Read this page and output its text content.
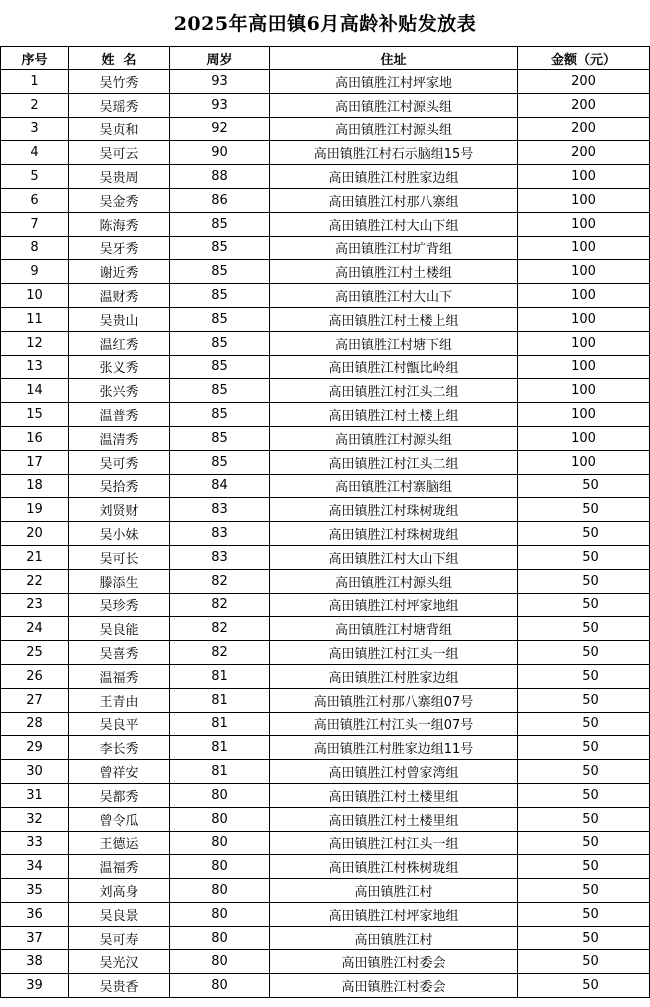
2025年高田镇6月高龄补贴发放表
序号	姓  名	周岁	住址	金额（元）
1	吴竹秀	93	高田镇胜江村坪家地	200
2	吴瑶秀	93	高田镇胜江村源头组	200
3	吴贞和	92	高田镇胜江村源头组	200
4	吴可云	90	高田镇胜江村石示脑组15号	200
5	吴贵周	88	高田镇胜江村胜家边组	100
6	吴金秀	86	高田镇胜江村那八寨组	100
7	陈海秀	85	高田镇胜江村大山下组	100
8	吴牙秀	85	高田镇胜江村圹背组	100
9	谢近秀	85	高田镇胜江村土楼组	100
10	温财秀	85	高田镇胜江村大山下	100
11	吴贵山	85	高田镇胜江村土楼上组	100
12	温红秀	85	高田镇胜江村塘下组	100
13	张义秀	85	高田镇胜江村甑比岭组	100
14	张兴秀	85	高田镇胜江村江头二组	100
15	温普秀	85	高田镇胜江村土楼上组	100
16	温清秀	85	高田镇胜江村源头组	100
17	吴可秀	85	高田镇胜江村江头二组	100
18	吴拾秀	84	高田镇胜江村寨脑组	50
19	刘贤财	83	高田镇胜江村珠树珑组	50
20	吴小妹	83	高田镇胜江村珠树珑组	50
21	吴可长	83	高田镇胜江村大山下组	50
22	滕添生	82	高田镇胜江村源头组	50
23	吴珍秀	82	高田镇胜江村坪家地组	50
24	吴良能	82	高田镇胜江村塘背组	50
25	吴喜秀	82	高田镇胜江村江头一组	50
26	温福秀	81	高田镇胜江村胜家边组	50
27	王青由	81	高田镇胜江村那八寨组07号	50
28	吴良平	81	高田镇胜江村江头一组07号	50
29	李长秀	81	高田镇胜江村胜家边组11号	50
30	曾祥安	81	高田镇胜江村曾家湾组	50
31	吴都秀	80	高田镇胜江村土楼里组	50
32	曾令瓜	80	高田镇胜江村土楼里组	50
33	王德运	80	高田镇胜江村江头一组	50
34	温福秀	80	高田镇胜江村株树珑组	50
35	刘高身	80	高田镇胜江村	50
36	吴良景	80	高田镇胜江村坪家地组	50
37	吴可寿	80	高田镇胜江村	50
38	吴光汉	80	高田镇胜江村委会	50
39	吴贵香	80	高田镇胜江村委会	50
